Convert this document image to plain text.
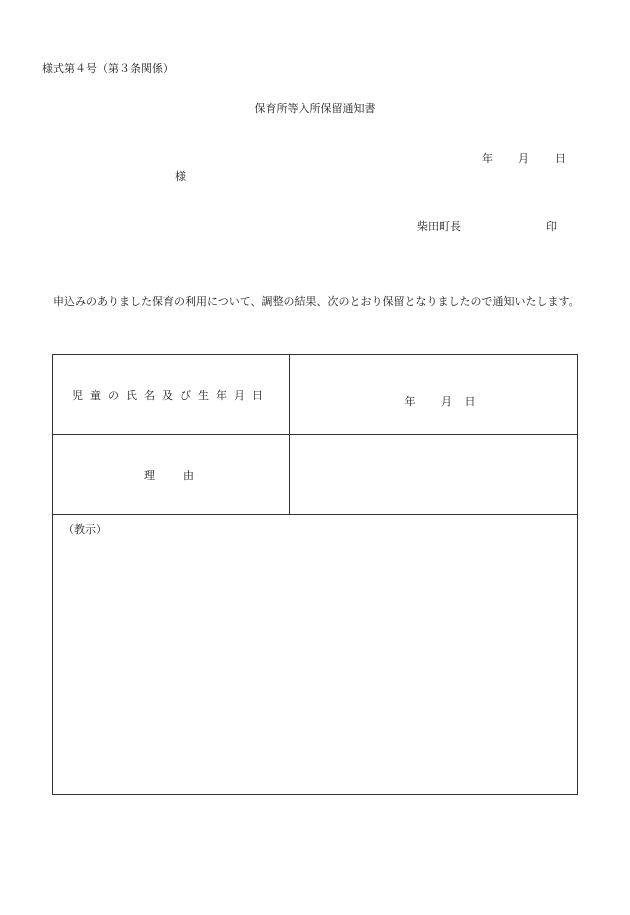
様式第４号（第３条関係）
保育所等入所保留通知書
年 月 日
様
柴田町長	印
申込みのありました保育の利用について、調整の結果、次のとおり保留となりましたので通知いたします。
児童の氏名及び生年月日	年 月 日

理由	

（教示）	
